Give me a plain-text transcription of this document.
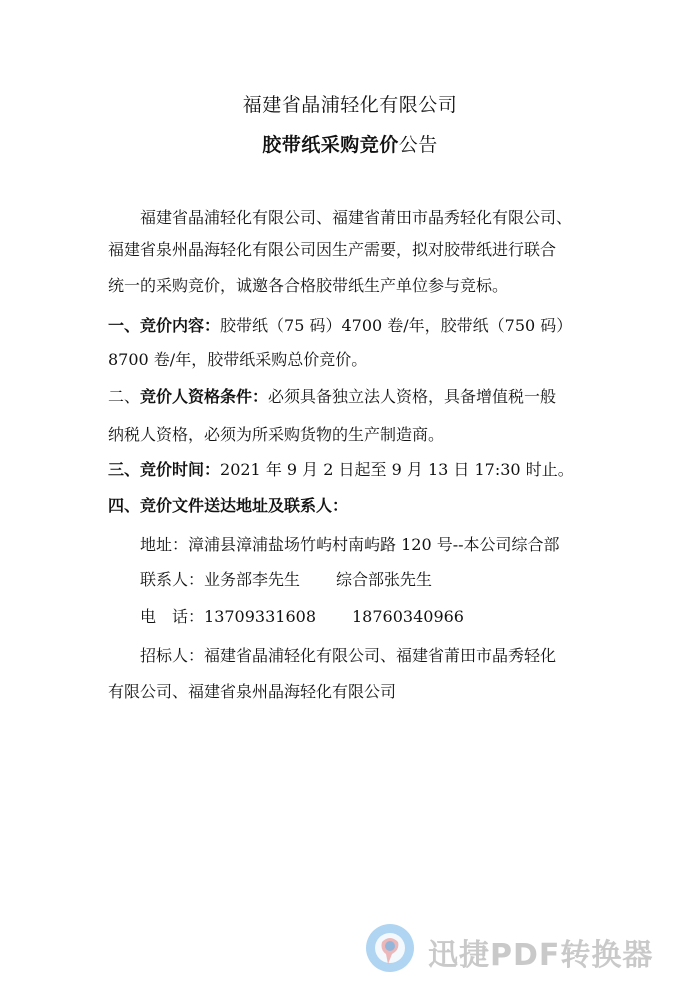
福建省晶浦轻化有限公司
胶带纸采购竞价公告
福建省晶浦轻化有限公司、福建省莆田市晶秀轻化有限公司、
福建省泉州晶海轻化有限公司因生产需要，拟对胶带纸进行联合
统一的采购竞价，诚邀各合格胶带纸生产单位参与竞标。
一、竞价内容：胶带纸（75 码）4700 卷/年，胶带纸（750 码）
8700 卷/年，胶带纸采购总价竞价。
二、竞价人资格条件：必须具备独立法人资格，具备增值税一般
纳税人资格，必须为所采购货物的生产制造商。
三、竞价时间：2021 年 9 月 2 日起至 9 月 13 日 17:30 时止。
四、竞价文件送达地址及联系人：
地址：漳浦县漳浦盐场竹屿村南屿路 120 号--本公司综合部
联系人：业务部李先生 综合部张先生
电　话：13709331608 18760340966
招标人：福建省晶浦轻化有限公司、福建省莆田市晶秀轻化
有限公司、福建省泉州晶海轻化有限公司
迅捷PDF转换器
